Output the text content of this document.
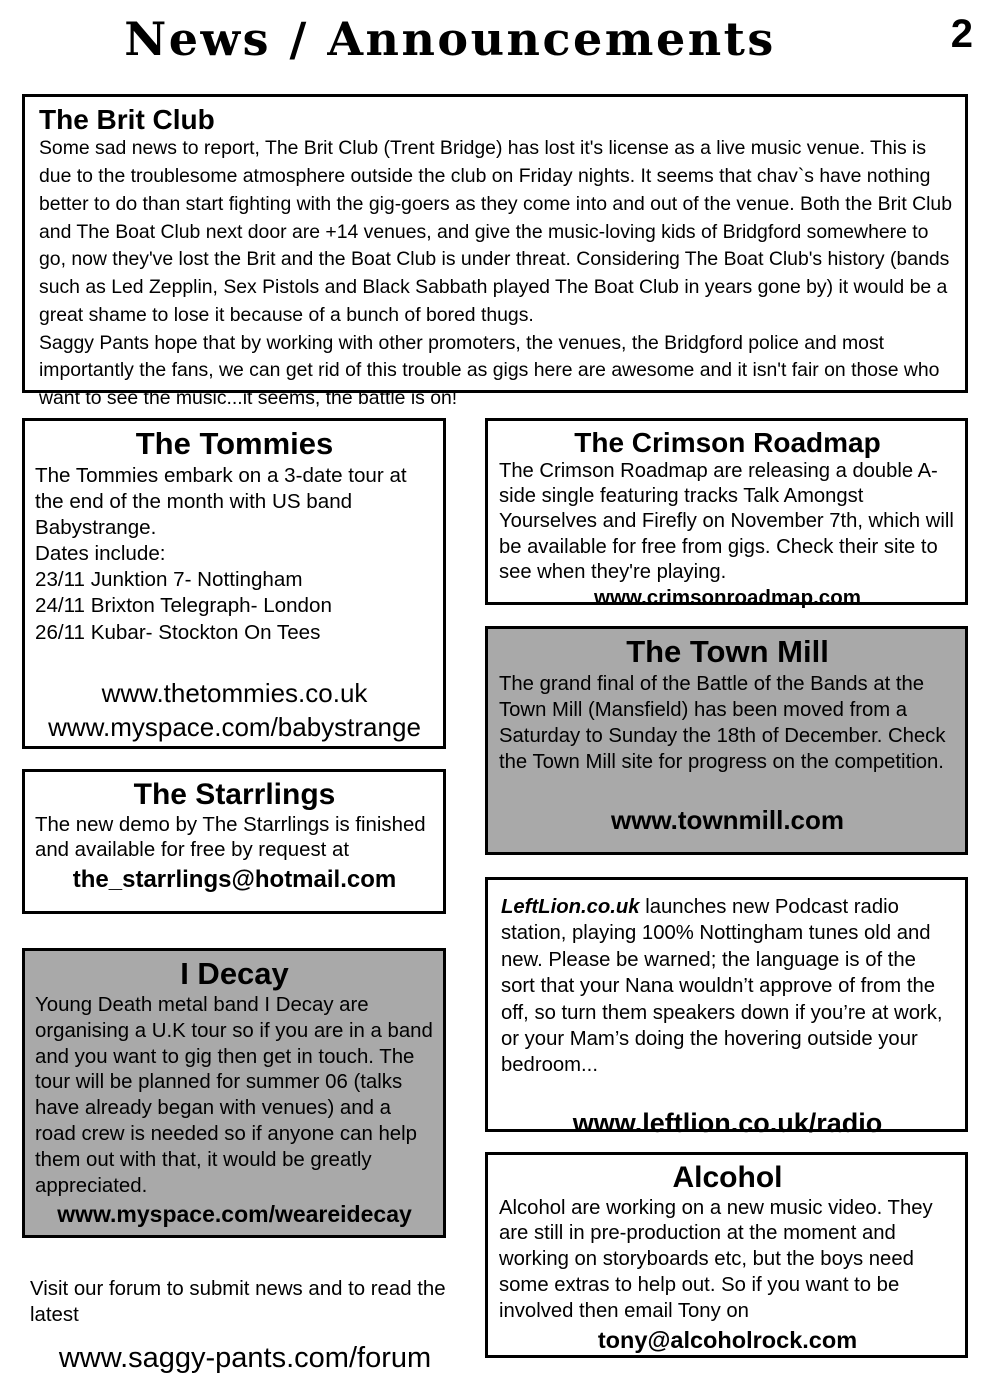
News / Announcements	2
The Brit Club

Some sad news to report, The Brit Club (Trent Bridge) has lost it's license as a live music venue. This is due to the troublesome atmosphere outside the club on Friday nights. It seems that chav`s have nothing better to do than start fighting with the gig-goers as they come into and out of the venue. Both the Brit Club and The Boat Club next door are +14 venues, and give the music-loving kids of Bridgford somewhere to go, now they've lost the Brit and the Boat Club is under threat. Considering The Boat Club's history (bands such as Led Zepplin, Sex Pistols and Black Sabbath played The Boat Club in years gone by) it would be a great shame to lose it because of a bunch of bored thugs.

Saggy Pants hope that by working with other promoters, the venues, the Bridgford police and most importantly the fans, we can get rid of this trouble as gigs here are awesome and it isn't fair on those who want to see the music...it seems, the battle is on!

The Tommies

The Tommies embark on a 3-date tour at the end of the month with US band Babystrange.

Dates include:

23/11 Junktion 7- Nottingham

24/11 Brixton Telegraph- London

26/11 Kubar- Stockton On Tees

www.thetommies.co.uk
www.myspace.com/babystrange
The Starrlings

The new demo by The Starrlings is finished and available for free by request at

the_starrlings@hotmail.com
I Decay

Young Death metal band I Decay are organising a U.K tour so if you are in a band and you want to gig then get in touch. The tour will be planned for summer 06 (talks have already began with venues) and a road crew is needed so if anyone can help them out with that, it would be greatly appreciated.

www.myspace.com/weareidecay
Visit our forum to submit news and to read the latest
www.saggy-pants.com/forum
The Crimson Roadmap

The Crimson Roadmap are releasing a double A-side single featuring tracks Talk Amongst Yourselves and Firefly on November 7th, which will be available for free from gigs. Check their site to see when they're playing.

www.crimsonroadmap.com
The Town Mill

The grand final of the Battle of the Bands at the Town Mill (Mansfield) has been moved from a Saturday to Sunday the 18th of December. Check the Town Mill site for progress on the competition.

www.townmill.com

LeftLion.co.uk launches new Podcast radio station, playing 100% Nottingham tunes old and new. Please be warned; the language is of the sort that your Nana wouldn’t approve of from the off, so turn them speakers down if you’re at work, or your Mam’s doing the hovering outside your bedroom...

www.leftlion.co.uk/radio
Alcohol

Alcohol are working on a new music video. They are still in pre-production at the moment and working on storyboards etc, but the boys need some extras to help out. So if you want to be involved then email Tony on

tony@alcoholrock.com
